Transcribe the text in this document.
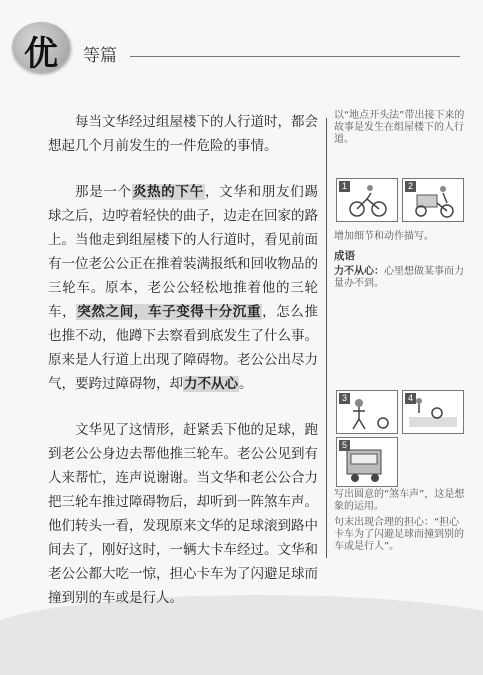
优	等篇

每当文华经过组屋楼下的人行道时，都会想起几个月前发生的一件危险的事情。

那是一个炎热的下午，文华和朋友们踢球之后，边哼着轻快的曲子，边走在回家的路上。当他走到组屋楼下的人行道时，看见前面有一位老公公正在推着装满报纸和回收物品的三轮车。原本，老公公轻松地推着他的三轮车，突然之间，车子变得十分沉重，怎么推也推不动，他蹲下去察看到底发生了什么事。原来是人行道上出现了障碍物。老公公出尽力气，要跨过障碍物，却力不从心。

文华见了这情形，赶紧丢下他的足球，跑到老公公身边去帮他推三轮车。老公公见到有人来帮忙，连声说谢谢。当文华和老公公合力把三轮车推过障碍物后，却听到一阵煞车声。他们转头一看，发现原来文华的足球滚到路中间去了，刚好这时，一辆大卡车经过。文华和老公公都大吃一惊，担心卡车为了闪避足球而撞到别的车或是行人。

以“地点开头法”带出接下来的故事是发生在组屋楼下的人行道。

1	2

增加细节和动作描写。

成语

力不从心：心里想做某事而力量办不到。

3	4
5

写出圆意的“煞车声”，这是想象的运用。

句末出现合理的担心：“担心卡车为了闪避足球而撞到别的车或是行人”。
